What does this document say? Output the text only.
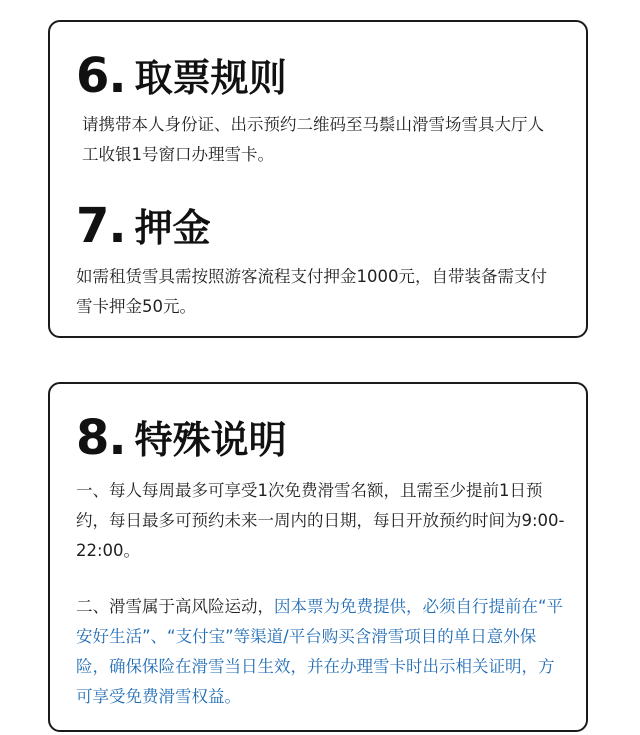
6 . 取票规则

请携带本人身份证、出示预约二维码至马鬃山滑雪场雪具大厅人工收银1号窗口办理雪卡。

7 . 押金

如需租赁雪具需按照游客流程支付押金1000元，自带装备需支付雪卡押金50元。

8 . 特殊说明

一、每人每周最多可享受1次免费滑雪名额，且需至少提前1日预约，每日最多可预约未来一周内的日期，每日开放预约时间为9:00-22:00。

二、滑雪属于高风险运动，因本票为免费提供，必须自行提前在“平安好生活”、“支付宝”等渠道/平台购买含滑雪项目的单日意外保险，确保保险在滑雪当日生效，并在办理雪卡时出示相关证明，方可享受免费滑雪权益。
